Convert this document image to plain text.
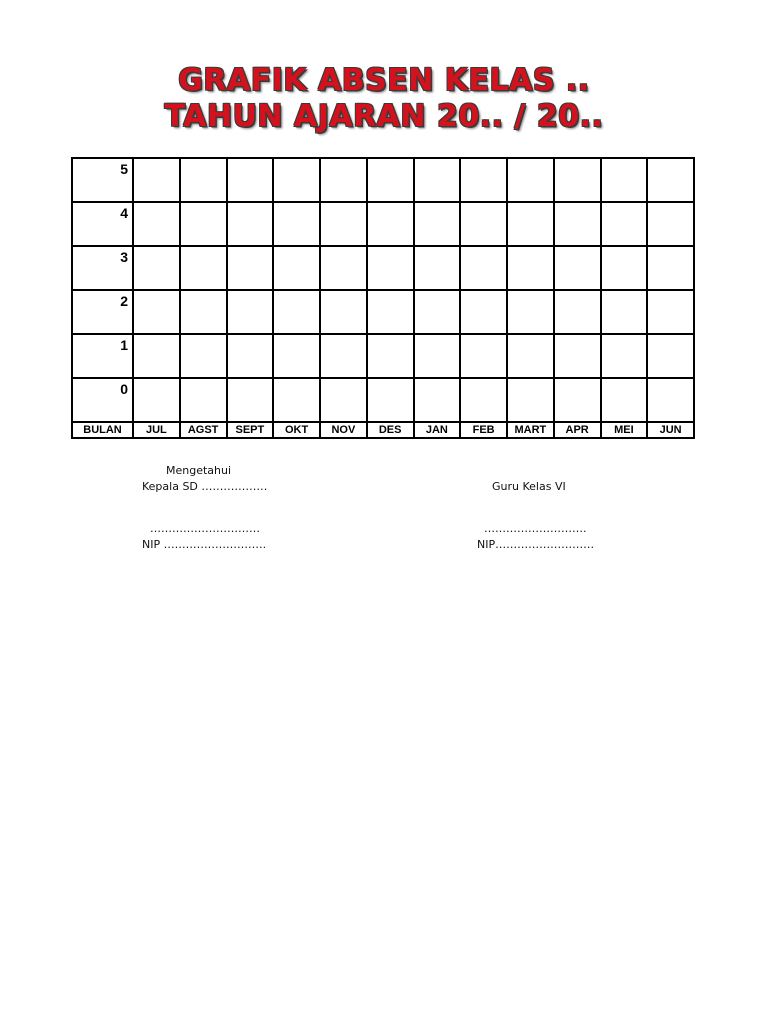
GRAFIK ABSEN KELAS ..
TAHUN AJARAN 20.. / 20..
5												
4												
3												
2												
1												
0												
BULAN	JUL	AGST	SEPT	OKT	NOV	DES	JAN	FEB	MART	APR	MEI	JUN
Mengetahui
Kepala SD ………………	Guru Kelas VI
…………………………	……………………….
NIP ……………………….	NIP………………………
